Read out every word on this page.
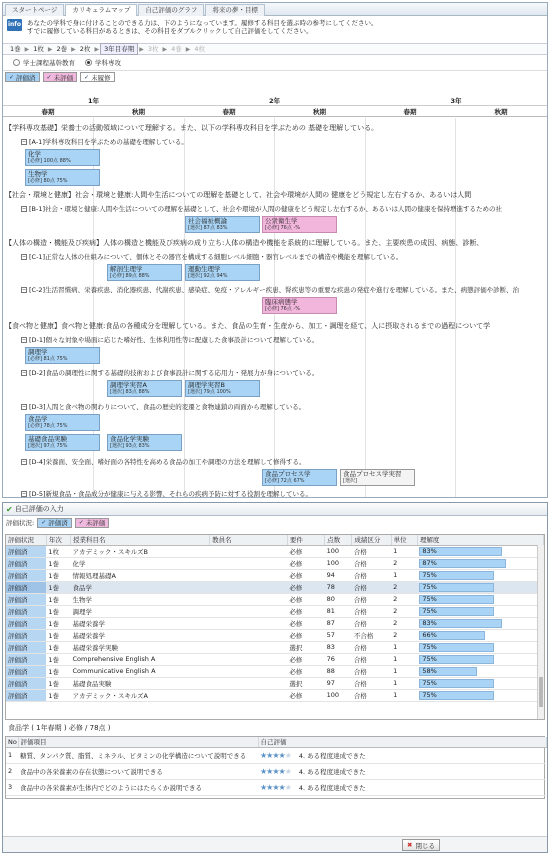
スタートページ	カリキュラムマップ	自己評価のグラフ	将来の夢・目標
info あなたの学科で身に付けることのできる力は、下のようになっています。履修する科目を選ぶ時の参考にしてください。
すでに履修している科目があるときは、その科目をダブルクリックして自己評価をしてください。
1巻 ▶ 1枚 ▶ 2巻 ▶ 2枚 ▶ 3年目春期 ▶ 3枚 ▶ 4巻 ▶ 4枚
学士課程基幹教育	学科専攻
✓ 評価済 ✓ 未評価 ✓ 未履修
1年	2年	3年
春期	秋期	春期	秋期	春期	秋期
【学科専攻基礎】栄養士の活動領域について理解する。また、以下の学科専攻科目を学ぶための 基礎を理解している。
− [A-1]学科専攻科目を学ぶための基礎を理解している。
化学
[必修] 100点 88%
生物学
[必修] 80点 75%
【社会・環境と健康】社会・環境と健康:人間や生活についての理解を基礎として、社会や環境が人間の 健康をどう規定し左右するか、あるいは人間
− [B-1]社会・環境と健康:人間や生活についての理解を基礎として、社会や環境が人間の健康をどう規定し左右するか、あるいは人間の健康を保持増進するための社
社会福祉概論
[選択] 87点 83%
公衆衛生学
[必修] 76点 -%
【人体の構造・機能及び疾病】人体の構造と機能及び疾病の成り立ち:人体の構造や機能を系統的に理解している。また、主要疾患の成因、病態、診断、
− [C-1]正常な人体の仕組みについて、個体とその器官を構成する細胞レベル細胞・器官レベルまでの構造や機能を理解している。
解剖生理学
[必修] 89点 88%
運動生理学
[選択] 92点 94%
− [C-2]生活習慣病、栄養疾患、消化器疾患、代謝疾患、感染症、免疫・アレルギー疾患、腎疾患等の重要な疾患の発症や進行を理解している。また、病態評価や診断、治
臨床病態学
[必修] 76点 -%
【食べ物と健康】食べ物と健康:食品の各種成分を理解している。また、食品の生育・生産から、加工・調理を経て、人に摂取されるまでの過程について学
− [D-1]個々な対象や場面に応じた嗜好性、生体利用性等に配慮した食事設計について理解している。
調理学
[必修] 81点 75%
− [D-2]食品の調理性に関する基礎的技術および食事設計に関する応用力・発展力が身についている。
調理学実習A
[選択] 83点 88%
調理学実習B
[選択] 79点 100%
− [D-3]人間と食べ物の関わりについて、食品の歴史的変遷と食物連鎖の両面から理解している。
食品学
[必修] 78点 75%
基礎食品実験
[選択] 97点 75%
食品化学実験
[選択] 93点 83%
− [D-4]栄養面、安全面、嗜好面の各特性を高める食品の加工や調理の方法を理解して修得する。
食品プロセス学
[必修] 72点 67%
食品プロセス学実習
[選択]
− [D-5]新規食品・食品成分が健康に与える影響、それらの疾病予防に対する役割を理解している。
✔ 自己評価の入力
評価状況: ✓ 評価済 ✓ 未評価
評価状況	年次	授業科目名	教員名	要件	点数	成績区分	単位	理解度
評価済	1枚	アカデミック・スキルズB		必修	100	合格	1	83%

評価済	1巻	化学		必修	100	合格	2	87%

評価済	1巻	情報処理基礎A		必修	94	合格	1	75%

評価済	1巻	食品学		必修	78	合格	2	75%

評価済	1巻	生物学		必修	80	合格	2	75%

評価済	1巻	調理学		必修	81	合格	2	75%

評価済	1巻	基礎栄養学		必修	87	合格	2	83%

評価済	1巻	基礎栄養学		必修	57	不合格	2	66%

評価済	1巻	基礎栄養学実験		選択	83	合格	1	75%

評価済	1巻	Comprehensive English A		必修	76	合格	1	75%

評価済	1巻	Communicative English A		必修	88	合格	1	58%

評価済	1巻	基礎食品実験		選択	97	合格	1	75%

評価済	1巻	アカデミック・スキルズA		必修	100	合格	1	75%
食品学 ( 1年春期 ) 必修 / 78点 )
No	評価項目	自己評価
1	糖質、タンパク質、脂質、ミネラル、ビタミンの化学構造について説明できる	★★★★★ 4. ある程度達成できた
2	食品中の各栄養素の存在状態について説明できる	★★★★★ 4. ある程度達成できた
3	食品中の各栄養素が生体内でどのようにはたらくか説明できる	★★★★★ 4. ある程度達成できた
✖ 閉じる
